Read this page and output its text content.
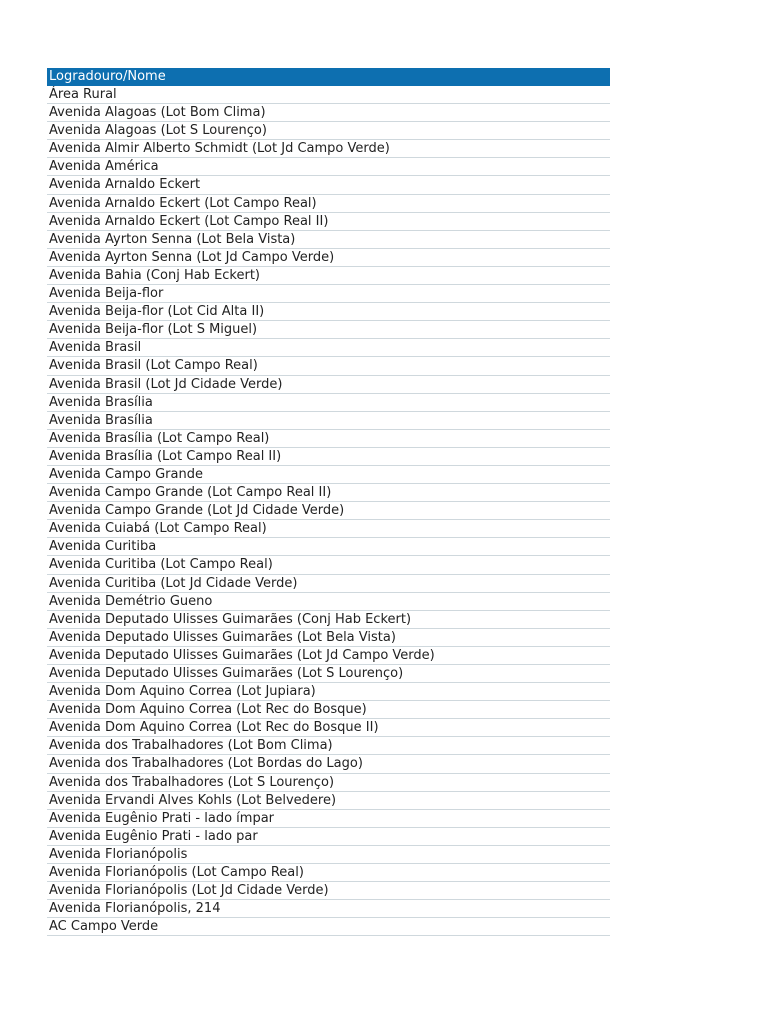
Logradouro/Nome
Área Rural
Avenida Alagoas (Lot Bom Clima)
Avenida Alagoas (Lot S Lourenço)
Avenida Almir Alberto Schmidt (Lot Jd Campo Verde)
Avenida América
Avenida Arnaldo Eckert
Avenida Arnaldo Eckert (Lot Campo Real)
Avenida Arnaldo Eckert (Lot Campo Real II)
Avenida Ayrton Senna (Lot Bela Vista)
Avenida Ayrton Senna (Lot Jd Campo Verde)
Avenida Bahia (Conj Hab Eckert)
Avenida Beija-flor
Avenida Beija-flor (Lot Cid Alta II)
Avenida Beija-flor (Lot S Miguel)
Avenida Brasil
Avenida Brasil (Lot Campo Real)
Avenida Brasil (Lot Jd Cidade Verde)
Avenida Brasília
Avenida Brasília
Avenida Brasília (Lot Campo Real)
Avenida Brasília (Lot Campo Real II)
Avenida Campo Grande
Avenida Campo Grande (Lot Campo Real II)
Avenida Campo Grande (Lot Jd Cidade Verde)
Avenida Cuiabá (Lot Campo Real)
Avenida Curitiba
Avenida Curitiba (Lot Campo Real)
Avenida Curitiba (Lot Jd Cidade Verde)
Avenida Demétrio Gueno
Avenida Deputado Ulisses Guimarães (Conj Hab Eckert)
Avenida Deputado Ulisses Guimarães (Lot Bela Vista)
Avenida Deputado Ulisses Guimarães (Lot Jd Campo Verde)
Avenida Deputado Ulisses Guimarães (Lot S Lourenço)
Avenida Dom Aquino Correa (Lot Jupiara)
Avenida Dom Aquino Correa (Lot Rec do Bosque)
Avenida Dom Aquino Correa (Lot Rec do Bosque II)
Avenida dos Trabalhadores (Lot Bom Clima)
Avenida dos Trabalhadores (Lot Bordas do Lago)
Avenida dos Trabalhadores (Lot S Lourenço)
Avenida Ervandi Alves Kohls (Lot Belvedere)
Avenida Eugênio Prati - lado ímpar
Avenida Eugênio Prati - lado par
Avenida Florianópolis
Avenida Florianópolis (Lot Campo Real)
Avenida Florianópolis (Lot Jd Cidade Verde)
Avenida Florianópolis, 214
AC Campo Verde
